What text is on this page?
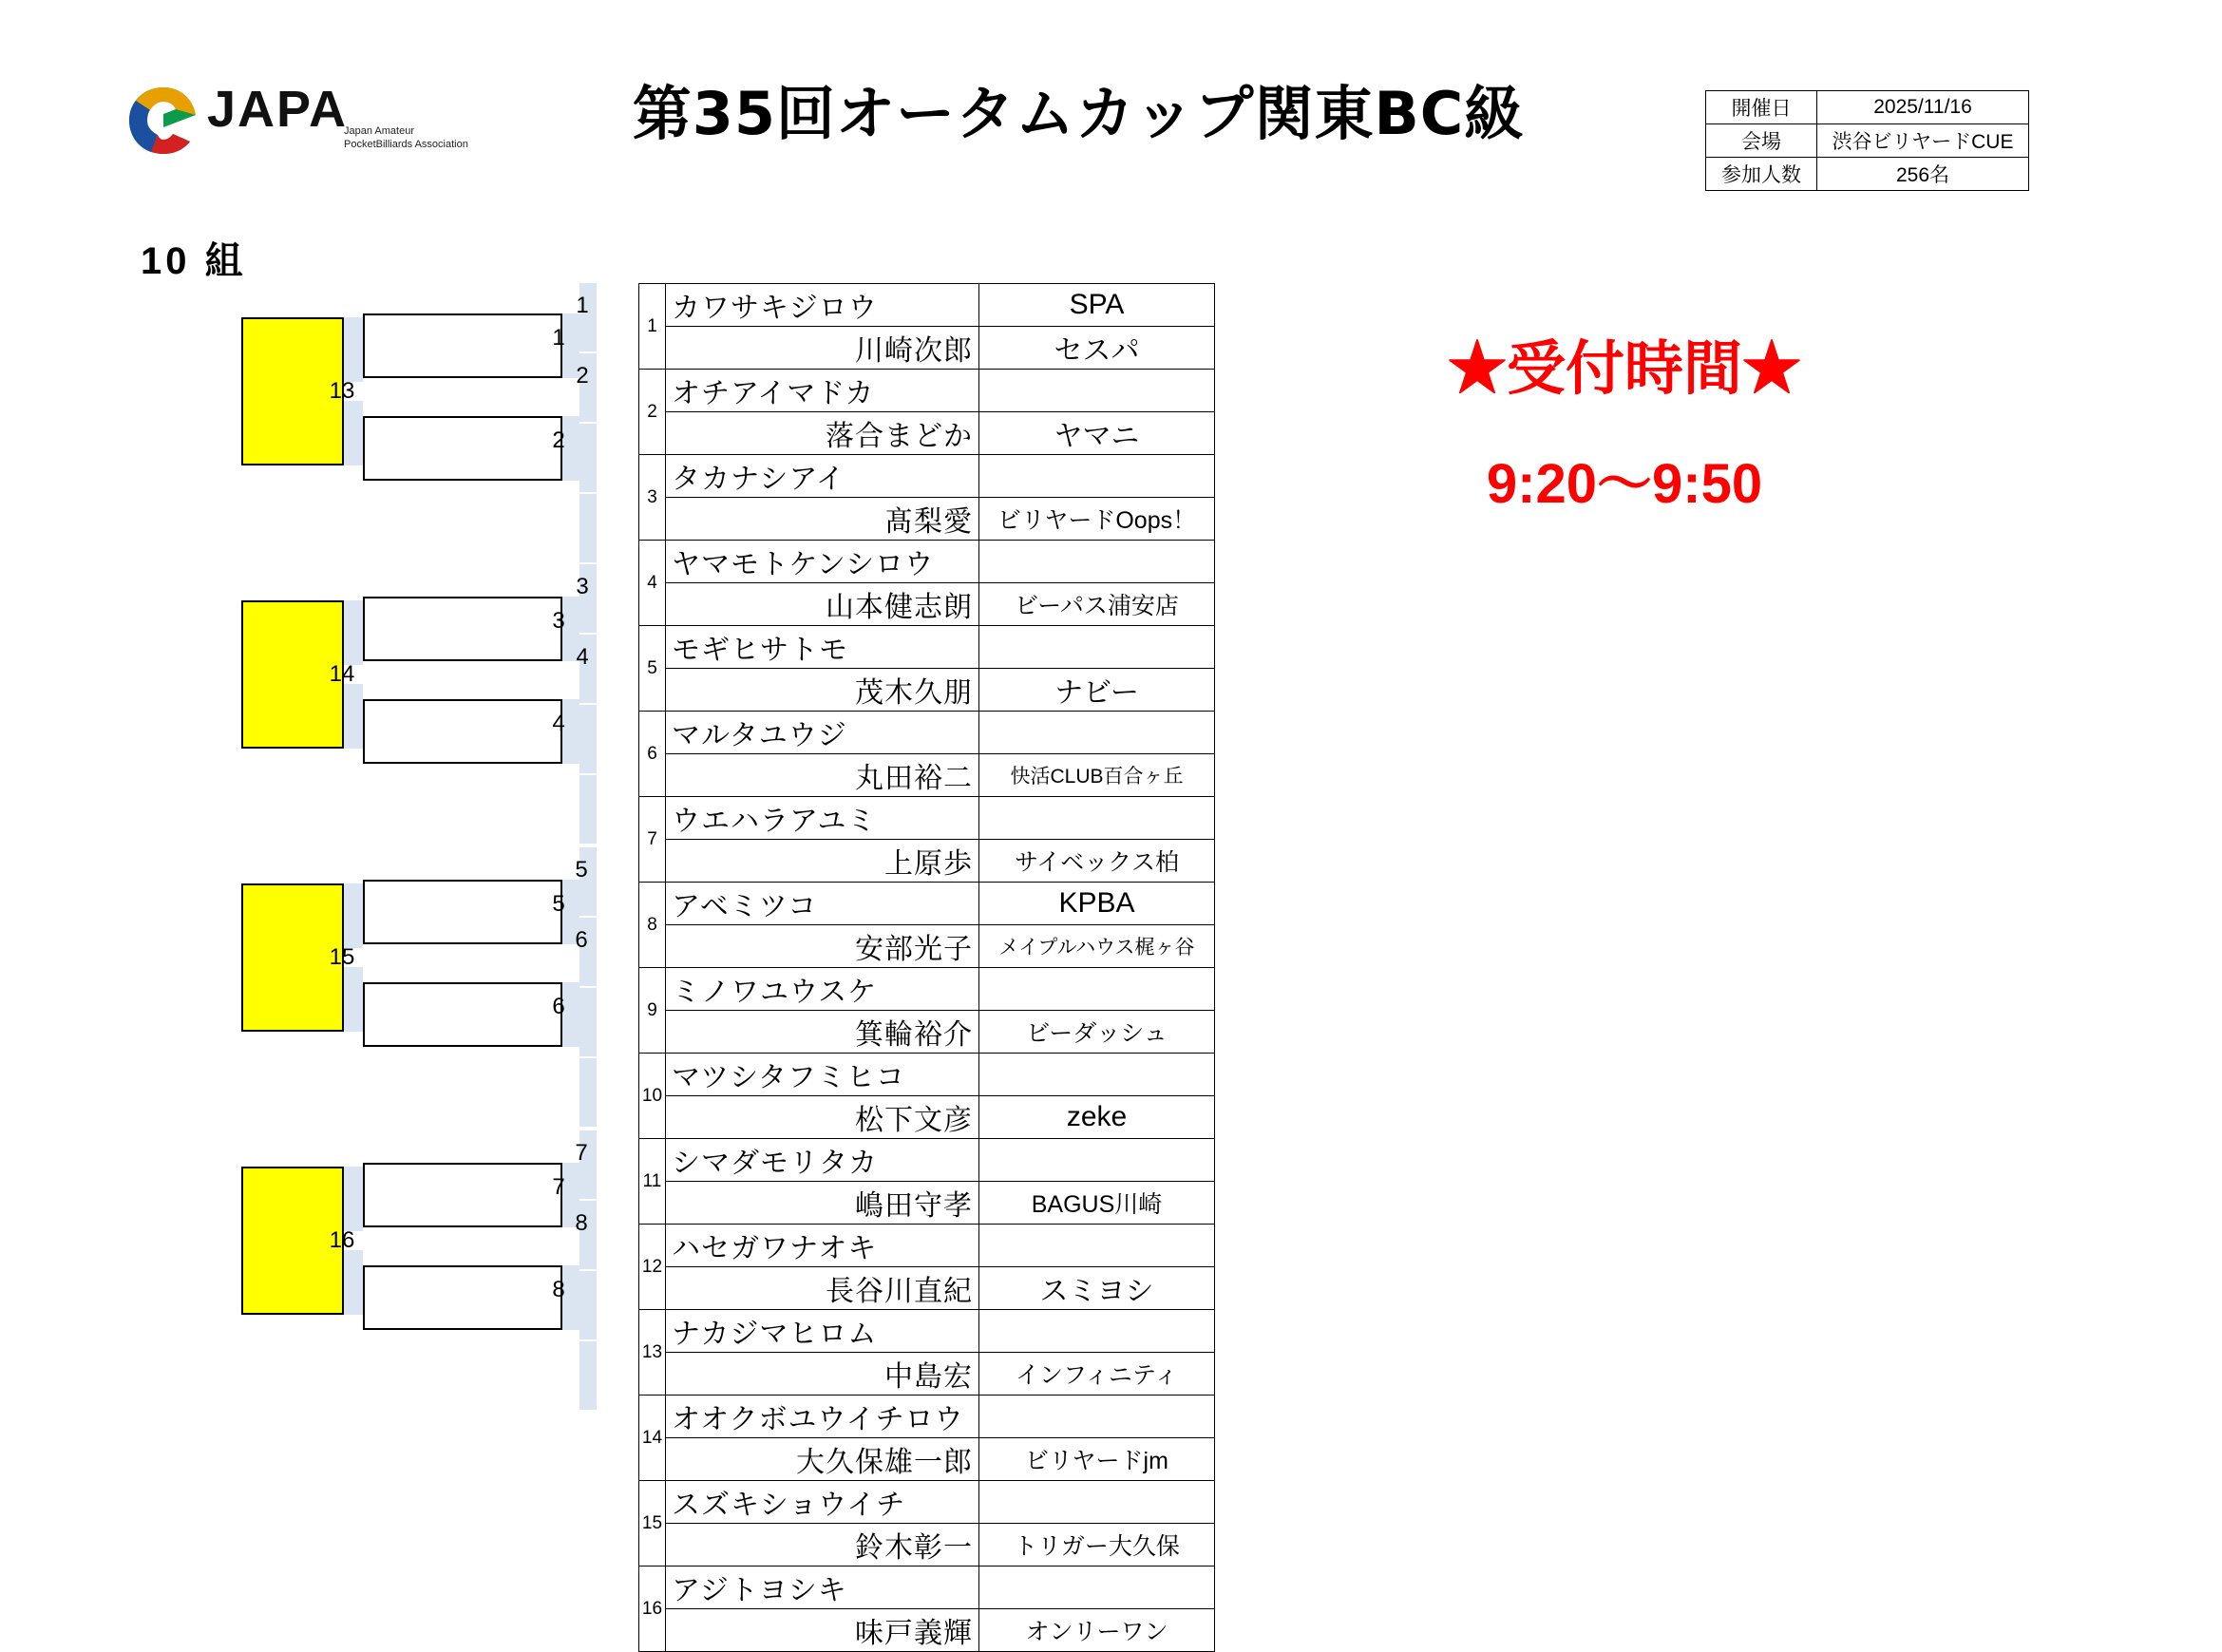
JAPA
Japan Amateur
PocketBilliards Association	第35回オータムカップ関東BC級	開催日	2025/11/16
会場	渋谷ビリヤードCUE
参加人数	256名
10 組
★受付時間★
9:20〜9:50
13
1
2
1
2
14
3
4
3
4
15
5
6
5
6
16
7
8
7
8
1	カワサキジロウ	SPA
	川崎次郎	セスパ
2	オチアイマドカ	
	落合まどか	ヤマニ
3	タカナシアイ	
	髙梨愛	ビリヤードOops！
4	ヤマモトケンシロウ	
	山本健志朗	ビーパス浦安店
5	モギヒサトモ	
	茂木久朋	ナビー
6	マルタユウジ	
	丸田裕二	快活CLUB百合ヶ丘
7	ウエハラアユミ	
	上原歩	サイベックス柏
8	アベミツコ	KPBA
	安部光子	メイプルハウス梶ヶ谷
9	ミノワユウスケ	
	箕輪裕介	ビーダッシュ
10	マツシタフミヒコ	
	松下文彦	zeke
11	シマダモリタカ	
	嶋田守孝	BAGUS川崎
12	ハセガワナオキ	
	長谷川直紀	スミヨシ
13	ナカジマヒロム	
	中島宏	インフィニティ
14	オオクボユウイチロウ	
	大久保雄一郎	ビリヤードjm
15	スズキショウイチ	
	鈴木彰一	トリガー大久保
16	アジトヨシキ	
	味戸義輝	オンリーワン
